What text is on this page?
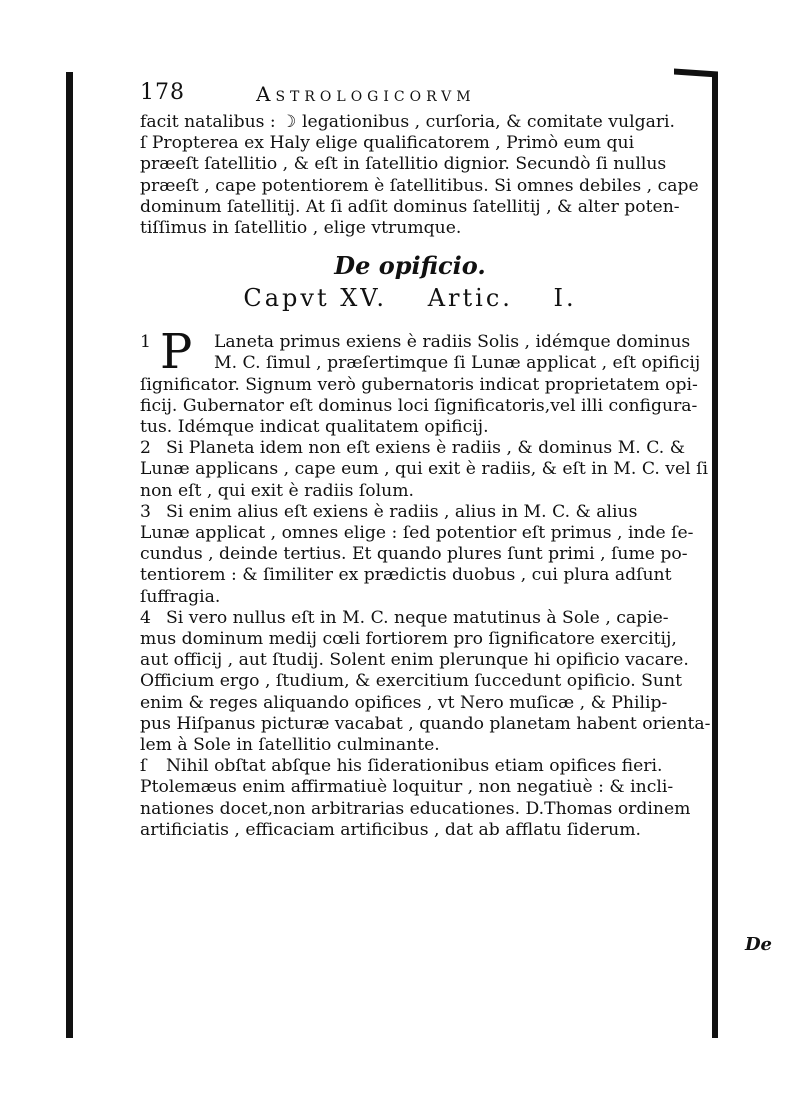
178	Astrologicorvm
facit natalibus : ☽ legationibus , curſoria, & comitate vulgari.
ſ Propterea ex Haly elige qualificatorem , Primò eum qui
præeſt ſatellitio , & eſt in ſatellitio dignior. Secundò ſi nullus
præeſt , cape potentiorem è ſatellitibus. Si omnes debiles , cape
dominum ſatellitij. At ſi adſit dominus ſatellitij , & alter poten-
tiſſimus in ſatellitio , elige vtrumque.
De opificio.
Capvt XV. Artic. I.
P
1	Laneta primus exiens è radiis Solis , idémque dominus
M. C. ſimul , præſertimque ſi Lunæ applicat , eſt opificij
ſignificator. Signum verò gubernatoris indicat proprietatem opi-
ficij. Gubernator eſt dominus loci ſignificatoris,vel illi configura-
tus. Idémque indicat qualitatem opificij.
2 Si Planeta idem non eſt exiens è radiis , & dominus M. C. &
Lunæ applicans , cape eum , qui exit è radiis, & eſt in M. C. vel ſi
non eſt , qui exit è radiis ſolum.
3 Si enim alius eſt exiens è radiis , alius in M. C. & alius
Lunæ applicat , omnes elige : ſed potentior eſt primus , inde ſe-
cundus , deinde tertius. Et quando plures ſunt primi , ſume po-
tentiorem : & ſimiliter ex prædictis duobus , cui plura adſunt
ſuffragia.
4 Si vero nullus eſt in M. C. neque matutinus à Sole , capie-
mus dominum medij cœli fortiorem pro ſignificatore exercitij,
aut officij , aut ſtudij. Solent enim plerunque hi opificio vacare.
Officium ergo , ſtudium, & exercitium ſuccedunt opificio. Sunt
enim & reges aliquando opifices , vt Nero muſicæ , & Philip-
pus Hiſpanus picturæ vacabat , quando planetam habent orienta-
lem à Sole in ſatellitio culminante.
ſ Nihil obſtat abſque his ſiderationibus etiam opifices fieri.
Ptolemæus enim affirmatiuè loquitur , non negatiuè : & incli-
nationes docet,non arbitrarias educationes. D.Thomas ordinem
artificiatis , efficaciam artificibus , dat ab afflatu ſiderum.
De
